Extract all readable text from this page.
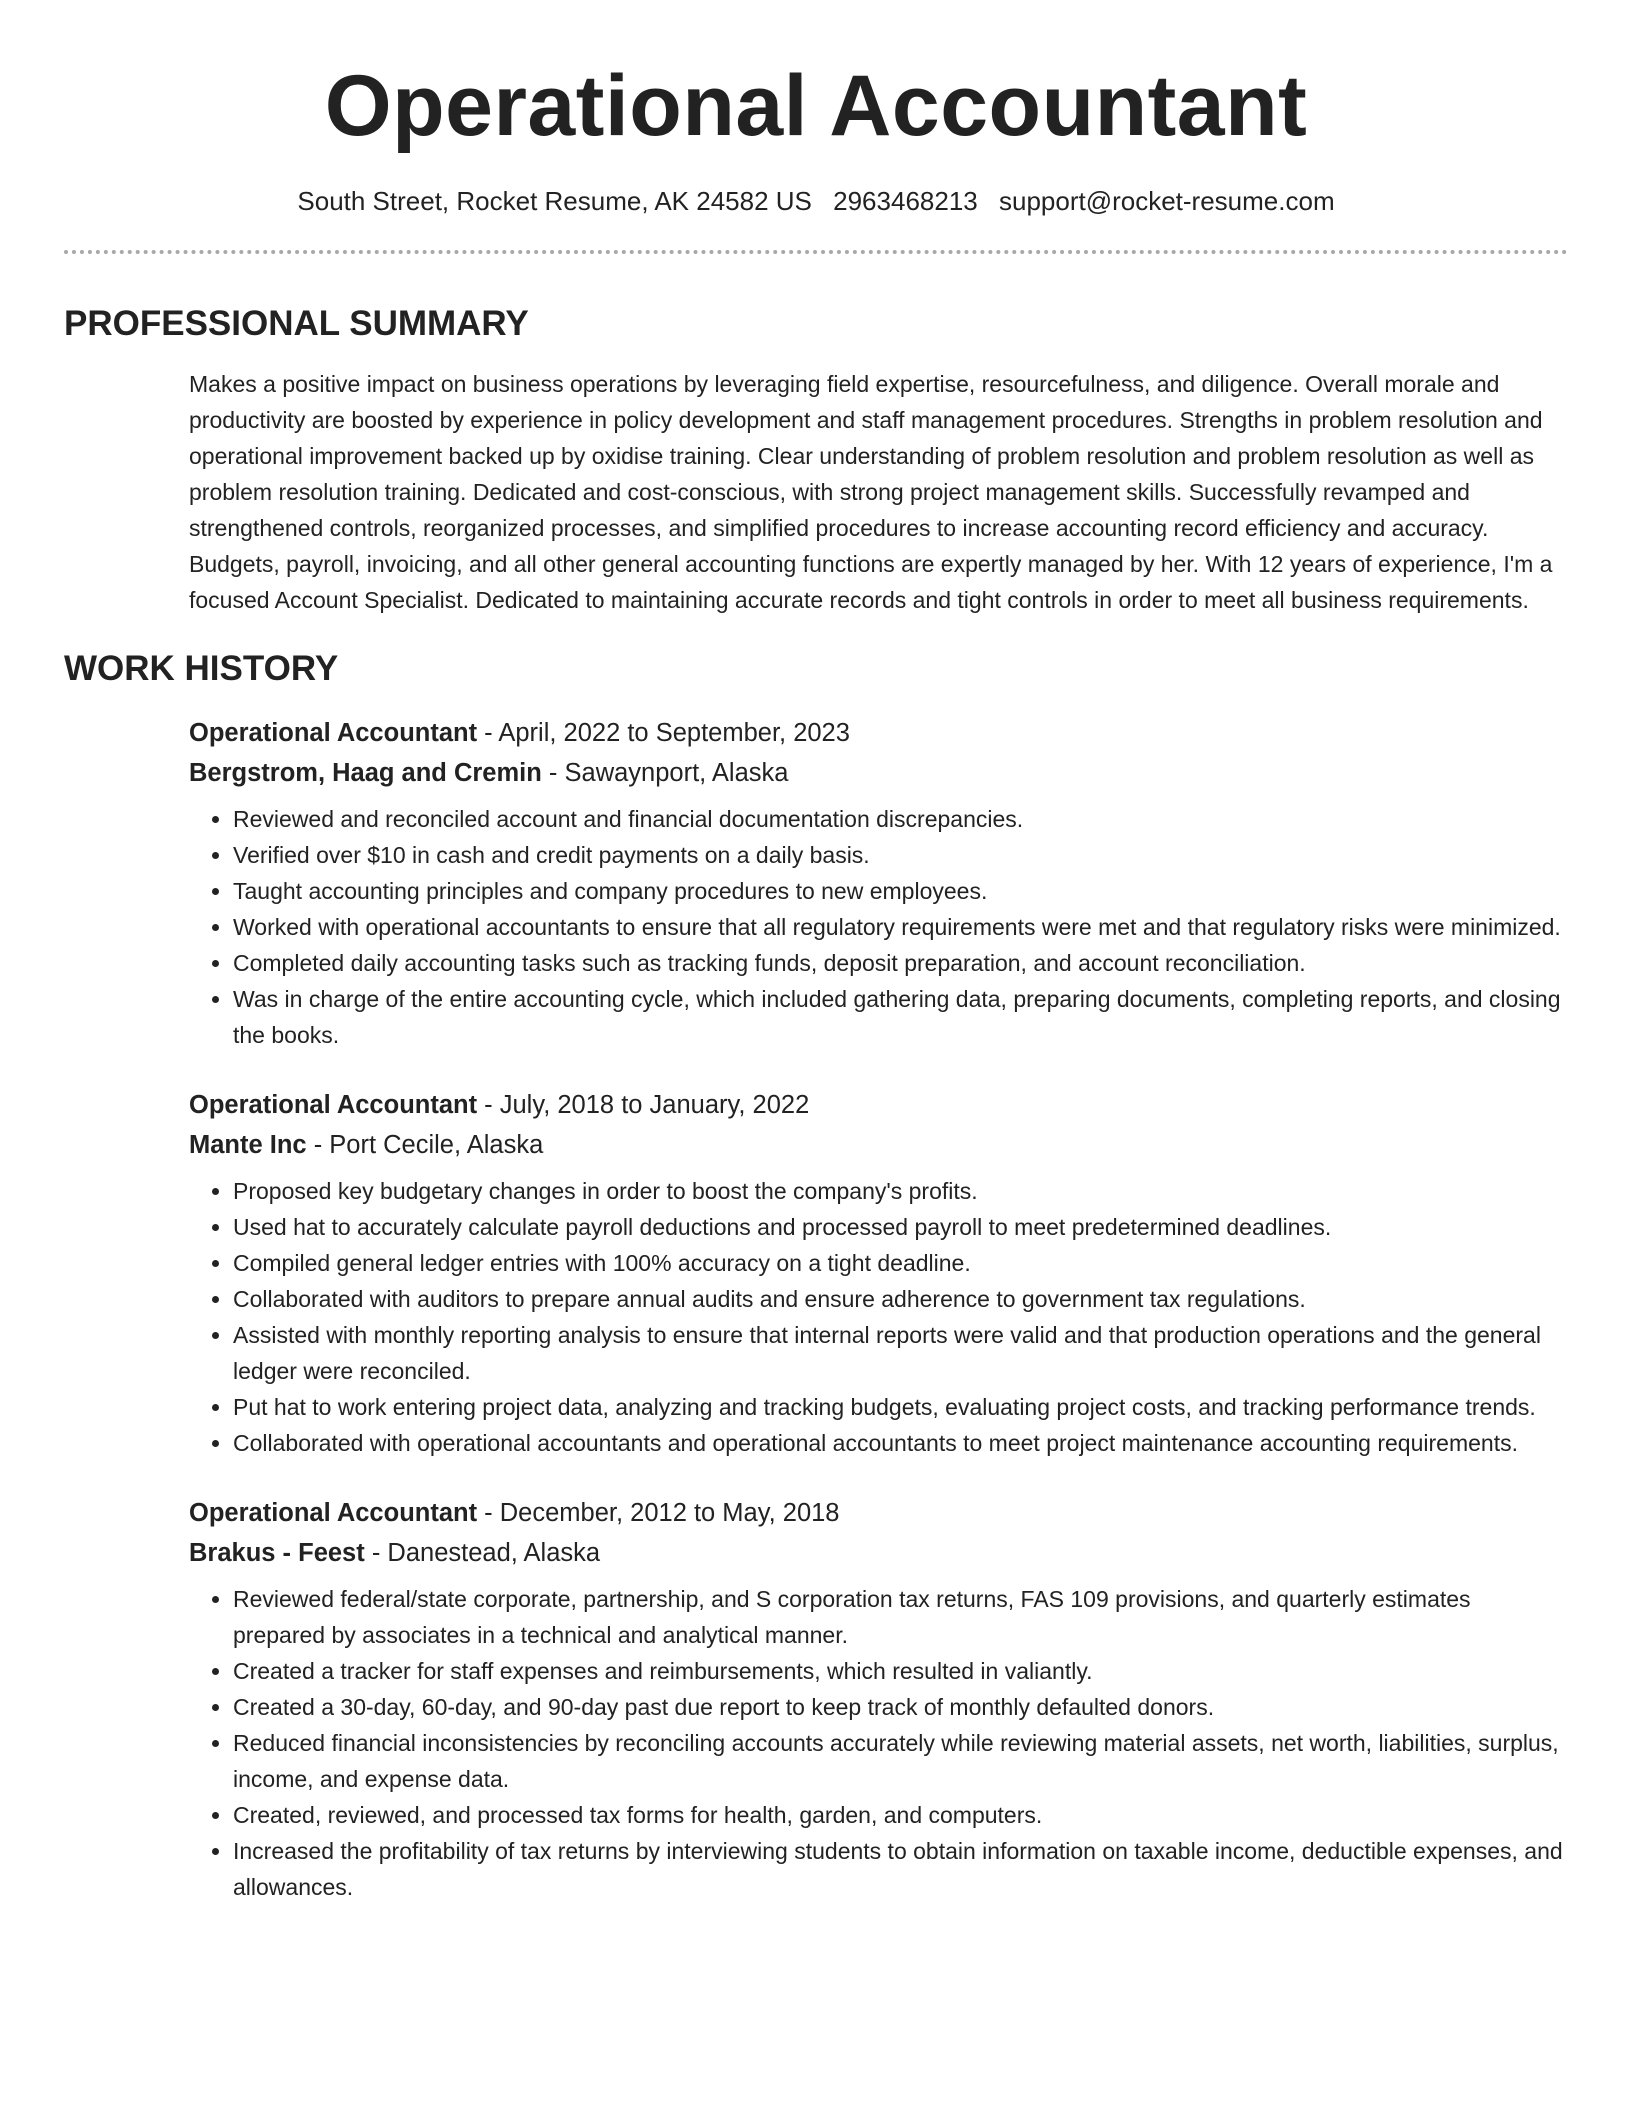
Operational Accountant
South Street, Rocket Resume, AK 24582 US 2963468213 support@rocket-resume.com
PROFESSIONAL SUMMARY
Makes a positive impact on business operations by leveraging field expertise, resourcefulness, and diligence. Overall morale and productivity are boosted by experience in policy development and staff management procedures. Strengths in problem resolution and operational improvement backed up by oxidise training. Clear understanding of problem resolution and problem resolution as well as problem resolution training. Dedicated and cost-conscious, with strong project management skills. Successfully revamped and strengthened controls, reorganized processes, and simplified procedures to increase accounting record efficiency and accuracy. Budgets, payroll, invoicing, and all other general accounting functions are expertly managed by her. With 12 years of experience, I'm a focused Account Specialist. Dedicated to maintaining accurate records and tight controls in order to meet all business requirements.
WORK HISTORY
Operational Accountant - April, 2022 to September, 2023
Bergstrom, Haag and Cremin - Sawaynport, Alaska
• Reviewed and reconciled account and financial documentation discrepancies.
• Verified over $10 in cash and credit payments on a daily basis.
• Taught accounting principles and company procedures to new employees.
• Worked with operational accountants to ensure that all regulatory requirements were met and that regulatory risks were minimized.
• Completed daily accounting tasks such as tracking funds, deposit preparation, and account reconciliation.
• Was in charge of the entire accounting cycle, which included gathering data, preparing documents, completing reports, and closing the books.
Operational Accountant - July, 2018 to January, 2022
Mante Inc - Port Cecile, Alaska
• Proposed key budgetary changes in order to boost the company's profits.
• Used hat to accurately calculate payroll deductions and processed payroll to meet predetermined deadlines.
• Compiled general ledger entries with 100% accuracy on a tight deadline.
• Collaborated with auditors to prepare annual audits and ensure adherence to government tax regulations.
• Assisted with monthly reporting analysis to ensure that internal reports were valid and that production operations and the general ledger were reconciled.
• Put hat to work entering project data, analyzing and tracking budgets, evaluating project costs, and tracking performance trends.
• Collaborated with operational accountants and operational accountants to meet project maintenance accounting requirements.
Operational Accountant - December, 2012 to May, 2018
Brakus - Feest - Danestead, Alaska
• Reviewed federal/state corporate, partnership, and S corporation tax returns, FAS 109 provisions, and quarterly estimates prepared by associates in a technical and analytical manner.
• Created a tracker for staff expenses and reimbursements, which resulted in valiantly.
• Created a 30-day, 60-day, and 90-day past due report to keep track of monthly defaulted donors.
• Reduced financial inconsistencies by reconciling accounts accurately while reviewing material assets, net worth, liabilities, surplus, income, and expense data.
• Created, reviewed, and processed tax forms for health, garden, and computers.
• Increased the profitability of tax returns by interviewing students to obtain information on taxable income, deductible expenses, and allowances.
